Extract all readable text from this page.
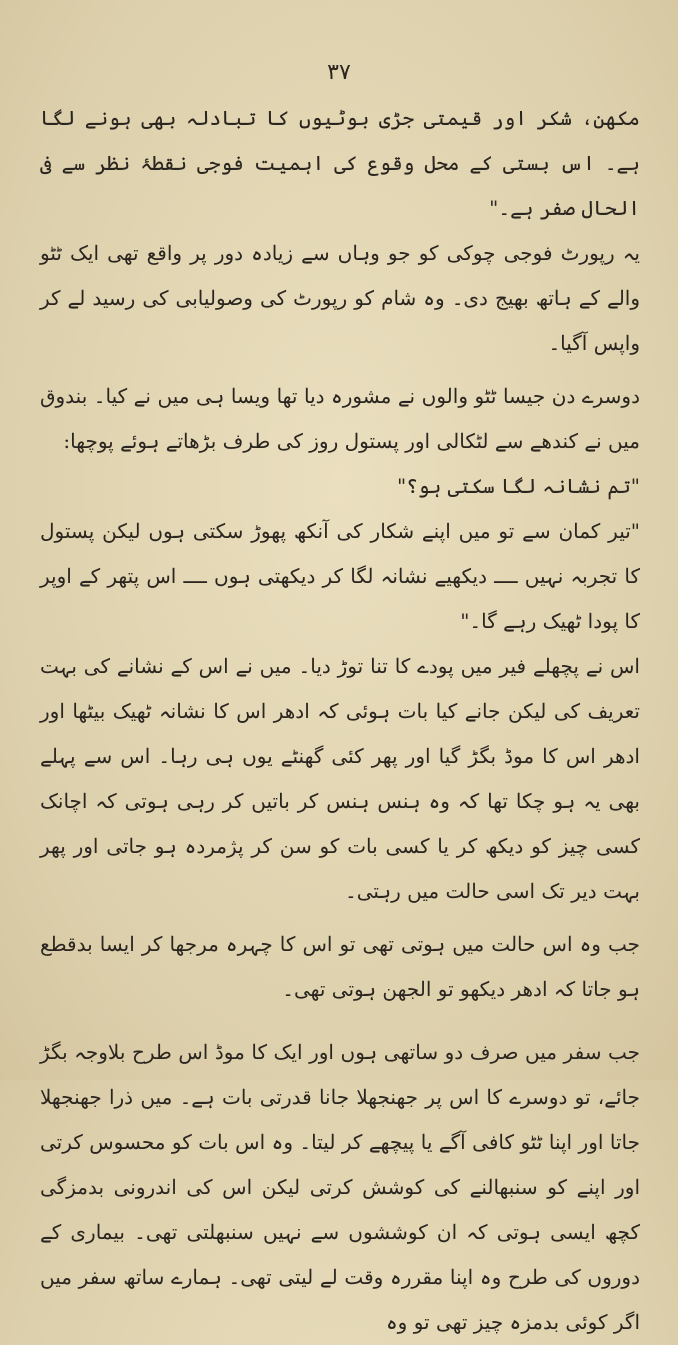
۳۷

مکھن، شکر اور قیمتی جڑی بوٹیوں کا تبادلہ بھی ہونے لگا ہے۔ اس بستی کے محل وقوع کی اہمیت فوجی نقطۂ نظر سے فی الحال صفر ہے۔"

یہ رپورٹ فوجی چوکی کو جو وہاں سے زیادہ دور پر واقع تھی ایک ٹٹو والے کے ہاتھ بھیج دی۔ وہ شام کو رپورٹ کی وصولیابی کی رسید لے کر واپس آگیا۔

دوسرے دن جیسا ٹٹو والوں نے مشورہ دیا تھا ویسا ہی میں نے کیا۔ بندوق میں نے کندھے سے لٹکالی اور پستول روز کی طرف بڑھاتے ہوئے پوچھا:

"تم نشانہ لگا سکتی ہو؟"

"تیر کمان سے تو میں اپنے شکار کی آنکھ پھوڑ سکتی ہوں لیکن پستول کا تجربہ نہیں ــــ دیکھیے نشانہ لگا کر دیکھتی ہوں ــــ اس پتھر کے اوپر کا پودا ٹھیک رہے گا۔"

اس نے پچھلے فیر میں پودے کا تنا توڑ دیا۔ میں نے اس کے نشانے کی بہت تعریف کی لیکن جانے کیا بات ہوئی کہ ادھر اس کا نشانہ ٹھیک بیٹھا اور ادھر اس کا موڈ بگڑ گیا اور پھر کئی گھنٹے یوں ہی رہا۔ اس سے پہلے بھی یہ ہو چکا تھا کہ وہ ہنس ہنس کر باتیں کر رہی ہوتی کہ اچانک کسی چیز کو دیکھ کر یا کسی بات کو سن کر پژمردہ ہو جاتی اور پھر بہت دیر تک اسی حالت میں رہتی۔

جب وہ اس حالت میں ہوتی تھی تو اس کا چہرہ مرجھا کر ایسا بدقطع ہو جاتا کہ ادھر دیکھو تو الجھن ہوتی تھی۔

جب سفر میں صرف دو ساتھی ہوں اور ایک کا موڈ اس طرح بلاوجہ بگڑ جائے، تو دوسرے کا اس پر جھنجھلا جانا قدرتی بات ہے۔ میں ذرا جھنجھلا جاتا اور اپنا ٹٹو کافی آگے یا پیچھے کر لیتا۔ وہ اس بات کو محسوس کرتی اور اپنے کو سنبھالنے کی کوشش کرتی لیکن اس کی اندرونی بدمزگی کچھ ایسی ہوتی کہ ان کوششوں سے نہیں سنبھلتی تھی۔ بیماری کے دوروں کی طرح وہ اپنا مقررہ وقت لے لیتی تھی۔ ہمارے ساتھ سفر میں اگر کوئی بدمزہ چیز تھی تو وہ
